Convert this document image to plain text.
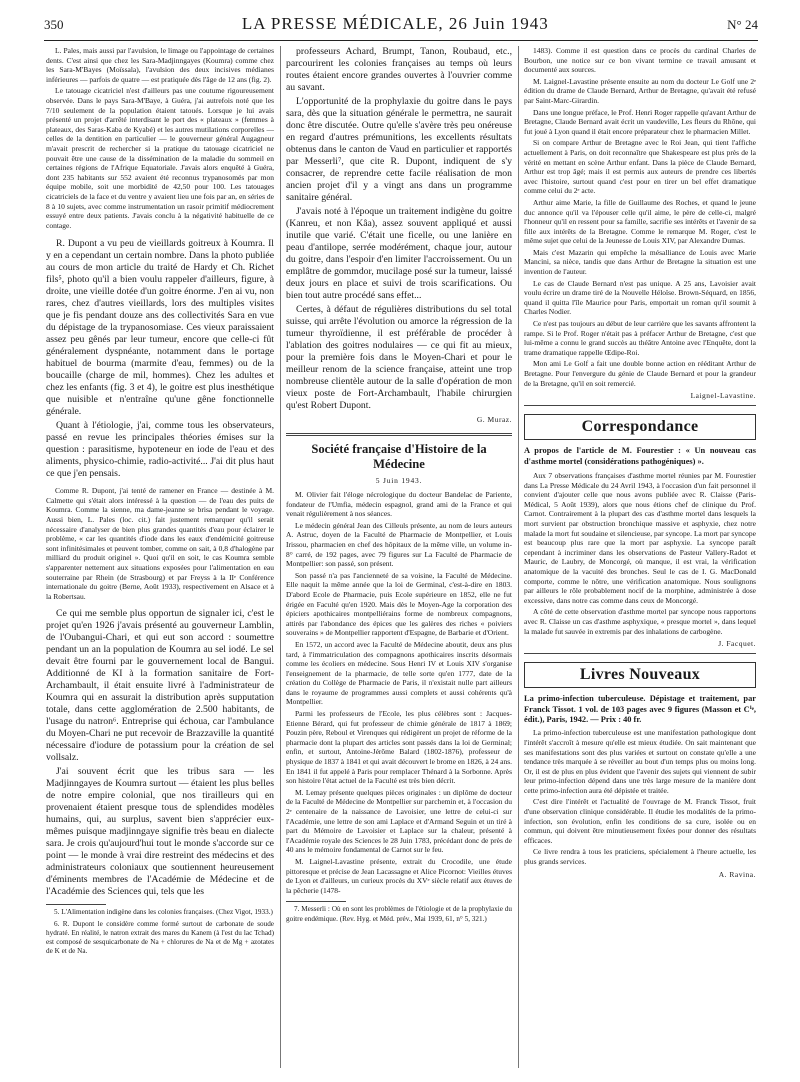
350	LA PRESSE MÉDICALE, 26 Juin 1943	N° 24

L. Pales, mais aussi par l'avulsion, le limage ou l'appointage de certaines dents. C'est ainsi que chez les Sara-Madjinngayes (Koumra) comme chez les Sara-M'Bayes (Moïssala), l'avulsion des deux incisives médianes inférieures — parfois de quatre — est pratiquée dès l'âge de 12 ans (fig. 2).

Le tatouage cicatriciel n'est d'ailleurs pas une coutume rigoureusement observée. Dans le pays Sara-M'Baye, à Guéra, j'ai autrefois noté que les 7/10 seulement de la population étaient tatoués. Lorsque je lui avais présenté un projet d'arrêté interdisant le port des « plateaux » (femmes à plateaux, des Saras-Kaba de Kyabé) et les autres mutilations corporelles — celles de la dentition en particulier — le gouverneur général Augagneur m'avait prescrit de rechercher si la pratique du tatouage cicatriciel ne pouvait être une cause de la dissémination de la maladie du sommeil en certaines régions de l'Afrique Equatoriale. J'avais alors enquêté à Guéra, dont 235 habitants sur 552 avaient été reconnus trypanosomés par mon équipe mobile, soit une morbidité de 42,50 pour 100. Les tatouages cicatriciels de la face et du ventre y avaient lieu une fois par an, en séries de 8 à 10 sujets, avec comme instrumentation un rasoir primitif médiocrement essuyé entre deux patients. J'avais conclu à la négativité habituelle de ce contage.

R. Dupont a vu peu de vieillards goitreux à Koumra. Il y en a cependant un certain nombre. Dans la photo publiée au cours de mon article du traité de Hardy et Ch. Richet fils⁵, photo qu'il a bien voulu rappeler d'ailleurs, figure, à droite, une vieille dotée d'un goitre énorme. J'en ai vu, non rares, chez d'autres vieillards, lors des multiples visites que je fis pendant douze ans des collectivités Sara en vue du dépistage de la trypanosomiase. Ces vieux paraissaient assez peu gênés par leur tumeur, encore que celle-ci fût généralement dyspnéante, notamment dans le portage habituel de bourma (marmite d'eau, femmes) ou de la boucaille (charge de mil, hommes). Chez les adultes et chez les enfants (fig. 3 et 4), le goitre est plus inesthétique que nuisible et n'entraîne qu'une gêne fonctionnelle générale.

Quant à l'étiologie, j'ai, comme tous les observateurs, passé en revue les principales théories émises sur la question : parasitisme, hypoteneur en iode de l'eau et des aliments, physico-chimie, radio-activité... J'ai dit plus haut ce que j'en pensais.

Comme R. Dupont, j'ai tenté de ramener en France — destinée à M. Calmette qui s'était alors intéressé à la question — de l'eau des puits de Koumra. Comme la sienne, ma dame-jeanne se brisa pendant le voyage. Aussi bien, L. Pales (loc. cit.) fait justement remarquer qu'il serait nécessaire d'analyser de bien plus grandes quantités d'eau pour éclairer le problème, « car les quantités d'iode dans les eaux d'endémicité goitreuse sont infinitésimales et peuvent tomber, comme on sait, à 0,8 d'halogène par milliard du produit originel ». Quoi qu'il en soit, le cas Koumra semble s'apparenter nettement aux situations exposées pour l'alimentation en eau souterraine par Rhein (de Strasbourg) et par Freyss à la IIᵉ Conférence internationale du goitre (Berne, Août 1933), respectivement en Alsace et à la Robertsau.

Ce qui me semble plus opportun de signaler ici, c'est le projet qu'en 1926 j'avais présenté au gouverneur Lamblin, de l'Oubangui-Chari, et qui eut son accord : soumettre pendant un an la population de Koumra au sel iodé. Le sel devait être fourni par le gouvernement local de Bangui. Additionné de KI à la formation sanitaire de Fort-Archambault, il était ensuite livré à l'administrateur de Koumra qui en assurait la distribution après supputation totale, dans cette agglomération de 2.500 habitants, de l'usage du natron⁶. Entreprise qui échoua, car l'ambulance du Moyen-Chari ne put recevoir de Brazzaville la quantité nécessaire d'iodure de potassium pour la création de sel vollsalz.

J'ai souvent écrit que les tribus sara — les Madjinngayes de Koumra surtout — étaient les plus belles de notre empire colonial, que nos tirailleurs qui en provenaient étaient presque tous de splendides modèles humains, qui, au surplus, savent bien s'apprécier eux-mêmes puisque madjinngaye signifie très beau en dialecte sara. Je crois qu'aujourd'hui tout le monde s'accorde sur ce point — le monde à vrai dire restreint des médecins et des administrateurs coloniaux que soutiennent heureusement d'éminents membres de l'Académie de Médecine et de l'Académie des Sciences qui, tels que les

5. L'Alimentation indigène dans les colonies françaises. (Chez Vigot, 1933.)

6. R. Dupont le considère comme formé surtout de carbonate de soude hydraté. En réalité, le natron extrait des mares du Kanem (à l'est du lac Tchad) est composé de sesquicarbonate de Na + chlorures de Na et de Mg + azotates de K et de Na.

professeurs Achard, Brumpt, Tanon, Roubaud, etc., parcourirent les colonies françaises au temps où leurs routes étaient encore grandes ouvertes à l'ouvrier comme au savant.

L'opportunité de la prophylaxie du goitre dans le pays sara, dès que la situation générale le permettra, ne saurait donc être discutée. Outre qu'elle s'avère très peu onéreuse en regard d'autres prémunitions, les excellents résultats obtenus dans le canton de Vaud en particulier et rapportés par Messerli⁷, que cite R. Dupont, indiquent de s'y consacrer, de reprendre cette facile réalisation de mon ancien projet d'il y a vingt ans dans un programme sanitaire général.

J'avais noté à l'époque un traitement indigène du goitre (Kanreu, et non Kâa), assez souvent appliqué et aussi inutile que varié. C'était une ficelle, ou une lanière en peau d'antilope, serrée modérément, chaque jour, autour du goitre, dans l'espoir d'en limiter l'accroissement. Ou un emplâtre de gommdor, mucilage posé sur la tumeur, laissé deux jours en place et suivi de trois scarifications. Ou bien tout autre procédé sans effet...

Certes, à défaut de régulières distributions du sel total suisse, qui arrête l'évolution ou amorce la régression de la tumeur thyroïdienne, il est préférable de procéder à l'ablation des goitres nodulaires — ce qui fit au mieux, pour la première fois dans le Moyen-Chari et pour le meilleur renom de la science française, atteint une trop nombreuse clientèle autour de la salle d'opération de mon vieux poste de Fort-Archambault, l'habile chirurgien qu'est Robert Dupont.

G. Muraz.

Société française d'Histoire de la Médecine
5 Juin 1943.

M. Olivier fait l'éloge nécrologique du docteur Bandelac de Pariente, fondateur de l'Umfia, médecin espagnol, grand ami de la France et qui venait régulièrement à nos séances.

Le médecin général Jean des Cilleuls présente, au nom de leurs auteurs A. Astruc, doyen de la Faculté de Pharmacie de Montpellier, et Louis Irissou, pharmacien en chef des hôpitaux de la même ville, un volume in-8° carré, de 192 pages, avec 79 figures sur La Faculté de Pharmacie de Montpellier: son passé, son présent.

Son passé n'a pas l'ancienneté de sa voisine, la Faculté de Médecine. Elle naquit la même année que la loi de Germinal, c'est-à-dire en 1803. D'abord Ecole de Pharmacie, puis Ecole supérieure en 1852, elle ne fut érigée en Faculté qu'en 1920. Mais dès le Moyen-Age la corporation des épiciers apothicaires montpelliérains forme de nombreux compagnons, attirés par l'abondance des épices que les galères des riches « poiviers souverains » de Montpellier rapportent d'Espagne, de Barbarie et d'Orient.

En 1572, un accord avec la Faculté de Médecine aboutit, deux ans plus tard, à l'immatriculation des compagnons apothicaires inscrits désormais comme les écoliers en médecine. Sous Henri IV et Louis XIV s'organise l'enseignement de la pharmacie, de telle sorte qu'en 1777, date de la création du Collège de Pharmacie de Paris, il n'existait nulle part ailleurs dans le royaume de programmes aussi complets et aussi cohérents qu'à Montpellier.

Parmi les professeurs de l'Ecole, les plus célèbres sont : Jacques-Etienne Bérard, qui fut professeur de chimie générale de 1817 à 1869; Pouzin père, Reboul et Virenques qui rédigèrent un projet de réforme de la pharmacie dont la plupart des articles sont passés dans la loi de Germinal; enfin, et surtout, Antoine-Jérôme Balard (1802-1876), professeur de physique de 1837 à 1841 et qui avait découvert le brome en 1826, à 24 ans. En 1841 il fut appelé à Paris pour remplacer Thénard à la Sorbonne. Après son histoire l'état actuel de la Faculté est très bien décrit.

M. Lemay présente quelques pièces originales : un diplôme de docteur de la Faculté de Médecine de Montpellier sur parchemin et, à l'occasion du 2ᵉ centenaire de la naissance de Lavoisier, une lettre de celui-ci sur l'Académie, une lettre de son ami Laplace et d'Armand Seguin et un tiré à part du Mémoire de Lavoisier et Laplace sur la chaleur, présenté à l'Académie royale des Sciences le 28 Juin 1783, précédant donc de près de 40 ans le mémoire fondamental de Carnot sur le feu.

M. Laignel-Lavastine présente, extrait du Crocodile, une étude pittoresque et précise de Jean Lacassagne et Alice Picornot: Vieilles étuves de Lyon et d'ailleurs, un curieux procès du XVᵉ siècle relatif aux étuves de la pêcherie (1478-

7. Messerli : Où en sont les problèmes de l'étiologie et de la prophylaxie du goitre endémique. (Rev. Hyg. et Méd. prév., Mai 1939, 61, n° 5, 321.)

1483). Comme il est question dans ce procès du cardinal Charles de Bourbon, une notice sur ce bon vivant termine ce travail amusant et documenté aux sources.

M. Laignel-Lavastine présente ensuite au nom du docteur Le Golf une 2ᵉ édition du drame de Claude Bernard, Arthur de Bretagne, qu'avait été refusé par Saint-Marc-Girardin.

Dans une longue préface, le Prof. Henri Roger rappelle qu'avant Arthur de Bretagne, Claude Bernard avait écrit un vaudeville, Les fleurs du Rhône, qui fut joué à Lyon quand il était encore préparateur chez le pharmacien Millet.

Si on compare Arthur de Bretagne avec le Roi Jean, qui tient l'affiche actuellement à Paris, on doit reconnaître que Shakespeare est plus près de la vérité en mettant en scène Arthur enfant. Dans la pièce de Claude Bernard, Arthur est trop âgé; mais il est permis aux auteurs de prendre ces libertés avec l'histoire, surtout quand c'est pour en tirer un bel effet dramatique comme celui du 2ᵉ acte.

Arthur aime Marie, la fille de Guillaume des Roches, et quand le jeune duc annonce qu'il va l'épouser celle qu'il aime, le père de celle-ci, malgré l'honneur qu'il en ressent pour sa famille, sacrifie ses intérêts et l'avenir de sa fille aux intérêts de la Bretagne. Comme le remarque M. Roger, c'est le même sujet que celui de la Jeunesse de Louis XIV, par Alexandre Dumas.

Mais c'est Mazarin qui empêche la mésalliance de Louis avec Marie Mancini, sa nièce, tandis que dans Arthur de Bretagne la situation est une invention de l'auteur.

Le cas de Claude Bernard n'est pas unique. A 25 ans, Lavoisier avait voulu écrire un drame tiré de la Nouvelle Héloïse. Brown-Séquard, en 1856, quand il quitta l'île Maurice pour Paris, emportait un roman qu'il soumit à Charles Nodier.

Ce n'est pas toujours au début de leur carrière que les savants affrontent la rampe. Si le Prof. Roger n'était pas à préfacer Arthur de Bretagne, c'est que lui-même a connu le grand succès au théâtre Antoine avec l'Enquête, dont la trame dramatique rappelle Œdipe-Roi.

Mon ami Le Golf a fait une double bonne action en rééditant Arthur de Bretagne. Pour l'envergure du génie de Claude Bernard et pour la grandeur de la Bretagne, qu'il en soit remercié.

Laignel-Lavastine.

Correspondance
A propos de l'article de M. Fourestier : « Un nouveau cas d'asthme mortel (considérations pathogéniques) ».

Aux 7 observations françaises d'asthme mortel réunies par M. Fourestier dans La Presse Médicale du 24 Avril 1943, à l'occasion d'un fait personnel il convient d'ajouter celle que nous avons publiée avec R. Claisse (Paris-Médical, 5 Août 1939), alors que nous étions chef de clinique du Prof. Carnot. Contrairement à la plupart des cas d'asthme mortel dans lesquels la mort survient par obstruction bronchique massive et asphyxie, chez notre malade la mort fut soudaine et silencieuse, par syncope. La mort par syncope est beaucoup plus rare que la mort par asphyxie. La syncope paraît cependant à incriminer dans les observations de Pasteur Vallery-Radot et Mauric, de Laubry, de Moncorgé, où manque, il est vrai, la vérification anatomique de la vacuité des bronches. Seul le cas de I. G. MacDonald comporte, comme le nôtre, une vérification anatomique. Nous soulignons par ailleurs le rôle probablement nocif de la morphine, administrée à dose excessive, dans notre cas comme dans ceux de Moncorgé.

A côté de cette observation d'asthme mortel par syncope nous rapportons avec R. Claisse un cas d'asthme asphyxique, « presque mortel », dans lequel la malade fut sauvée in extremis par des inhalations de carbogène.

J. Facquet.

Livres Nouveaux
La primo-infection tuberculeuse. Dépistage et traitement, par Franck Tissot. 1 vol. de 103 pages avec 9 figures (Masson et Cⁱᵉ, édit.), Paris, 1942. — Prix : 40 fr.

La primo-infection tuberculeuse est une manifestation pathologique dont l'intérêt s'accroît à mesure qu'elle est mieux étudiée. On sait maintenant que ses manifestations sont des plus variées et surtout on constate qu'elle a une tendance très marquée à se réveiller au bout d'un temps plus ou moins long. Or, il est de plus en plus évident que l'avenir des sujets qui viennent de subir leur primo-infection dépend dans une très large mesure de la manière dont cette primo-infection aura été dépistée et traitée.

C'est dire l'intérêt et l'actualité de l'ouvrage de M. Franck Tissot, fruit d'une observation clinique considérable. Il étudie les modalités de la primo-infection, son évolution, enfin les conditions de sa cure, isolée ou en commun, qui doivent être minutieusement fixées pour donner des résultats efficaces.

Ce livre rendra à tous les praticiens, spécialement à l'heure actuelle, les plus grands services.

A. Ravina.
